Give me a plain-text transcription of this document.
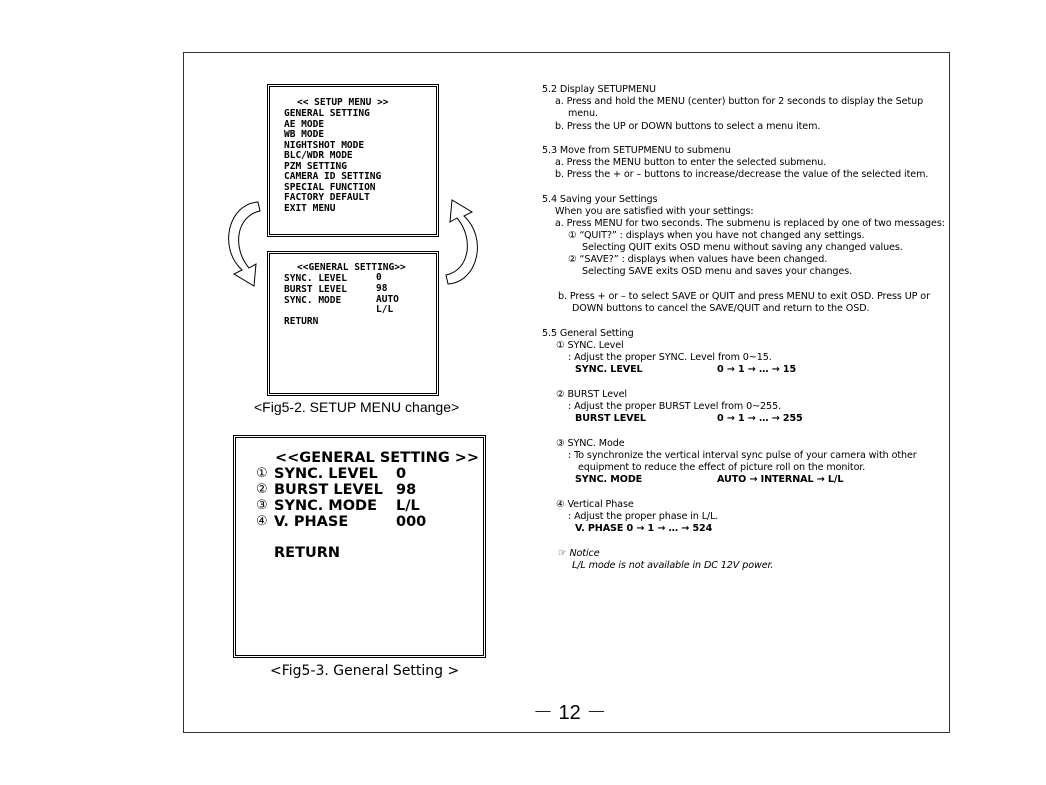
<< SETUP MENU >>
GENERAL SETTING
AE MODE
WB MODE
NIGHTSHOT MODE
BLC/WDR MODE
PZM SETTING
CAMERA ID SETTING
SPECIAL FUNCTION
FACTORY DEFAULT
EXIT MENU
<<GENERAL SETTING>>
SYNC. LEVEL	0
BURST LEVEL	98
SYNC. MODE	AUTO
L/L
RETURN
<Fig5-2. SETUP MENU change>
<<GENERAL SETTING >>
① SYNC. LEVEL 0
② BURST LEVEL 98
③ SYNC. MODE L/L
④ V. PHASE	000
RETURN
<Fig5-3. General Setting >
5.2 Display SETUPMENU
a. Press and hold the MENU (center) button for 2 seconds to display the Setup
menu.
b. Press the UP or DOWN buttons to select a menu item.
5.3 Move from SETUPMENU to submenu
a. Press the MENU button to enter the selected submenu.
b. Press the + or – buttons to increase/decrease the value of the selected item.
5.4 Saving your Settings
When you are satisfied with your settings:
a. Press MENU for two seconds. The submenu is replaced by one of two messages:
① “QUIT?” : displays when you have not changed any settings.
Selecting QUIT exits OSD menu without saving any changed values.
② “SAVE?” : displays when values have been changed.
Selecting SAVE exits OSD menu and saves your changes.
b. Press + or – to select SAVE or QUIT and press MENU to exit OSD. Press UP or
DOWN buttons to cancel the SAVE/QUIT and return to the OSD.
5.5 General Setting
① SYNC. Level
: Adjust the proper SYNC. Level from 0~15.
SYNC. LEVEL	0 → 1 → … → 15
② BURST Level
: Adjust the proper BURST Level from 0~255.
BURST LEVEL	0 → 1 → … → 255
③ SYNC. Mode
: To synchronize the vertical interval sync pulse of your camera with other
equipment to reduce the effect of picture roll on the monitor.
SYNC. MODE	AUTO → INTERNAL → L/L
④ Vertical Phase
: Adjust the proper phase in L/L.
V. PHASE 0 → 1 → … → 524
☞ Notice
L/L mode is not available in DC 12V power.
－ 12 －
